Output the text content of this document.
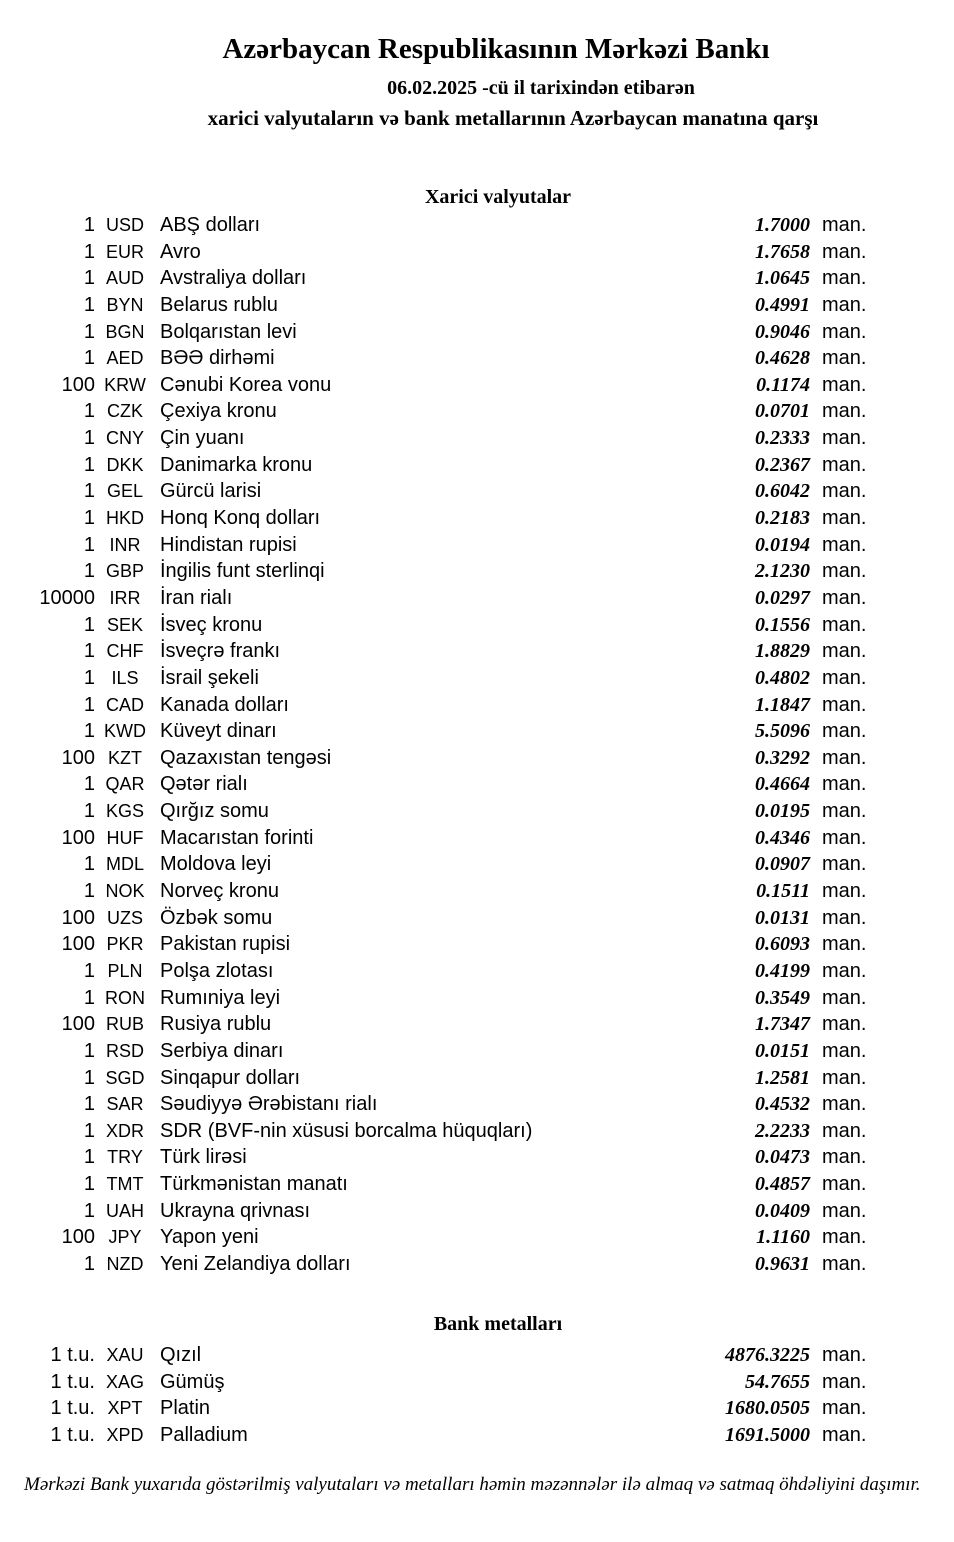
Azərbaycan Respublikasının Mərkəzi Bankı
06.02.2025 -cü il tarixindən etibarən
xarici valyutaların və bank metallarının Azərbaycan manatına qarşı
Xarici valyutalar
1 USD ABŞ dolları	1.7000 man.
1 EUR Avro	1.7658 man.
1 AUD Avstraliya dolları	1.0645 man.
1 BYN Belarus rublu	0.4991 man.
1 BGN Bolqarıstan levi	0.9046 man.
1 AED BƏƏ dirhəmi	0.4628 man.
100 KRW Cənubi Korea vonu	0.1174 man.
1 CZK Çexiya kronu	0.0701 man.
1 CNY Çin yuanı	0.2333 man.
1 DKK Danimarka kronu	0.2367 man.
1 GEL Gürcü larisi	0.6042 man.
1 HKD Honq Konq dolları	0.2183 man.
1 INR Hindistan rupisi	0.0194 man.
1 GBP İngilis funt sterlinqi	2.1230 man.
10000 IRR İran rialı	0.0297 man.
1 SEK İsveç kronu	0.1556 man.
1 CHF İsveçrə frankı	1.8829 man.
1 ILS	İsrail şekeli	0.4802 man.
1 CAD Kanada dolları	1.1847 man.
1 KWD Küveyt dinarı	5.5096 man.
100 KZT Qazaxıstan tengəsi	0.3292 man.
1 QAR Qətər rialı	0.4664 man.
1 KGS Qırğız somu	0.0195 man.
100 HUF Macarıstan forinti	0.4346 man.
1 MDL Moldova leyi	0.0907 man.
1 NOK Norveç kronu	0.1511 man.
100 UZS Özbək somu	0.0131 man.
100 PKR Pakistan rupisi	0.6093 man.
1 PLN Polşa zlotası	0.4199 man.
1 RON Rumıniya leyi	0.3549 man.
100 RUB Rusiya rublu	1.7347 man.
1 RSD Serbiya dinarı	0.0151 man.
1 SGD Sinqapur dolları	1.2581 man.
1 SAR Səudiyyə Ərəbistanı rialı	0.4532 man.
1 XDR SDR (BVF-nin xüsusi borcalma hüquqları)	2.2233 man.
1 TRY Türk lirəsi	0.0473 man.
1 TMT Türkmənistan manatı	0.4857 man.
1 UAH Ukrayna qrivnası	0.0409 man.
100 JPY Yapon yeni	1.1160 man.
1 NZD Yeni Zelandiya dolları	0.9631 man.
Bank metalları
1 t.u. XAU Qızıl	4876.3225 man.
1 t.u. XAG Gümüş	54.7655 man.
1 t.u. XPT Platin	1680.0505 man.
1 t.u. XPD Palladium	1691.5000 man.
Mərkəzi Bank yuxarıda göstərilmiş valyutaları və metalları həmin məzənnələr ilə almaq və satmaq öhdəliyini daşımır.
